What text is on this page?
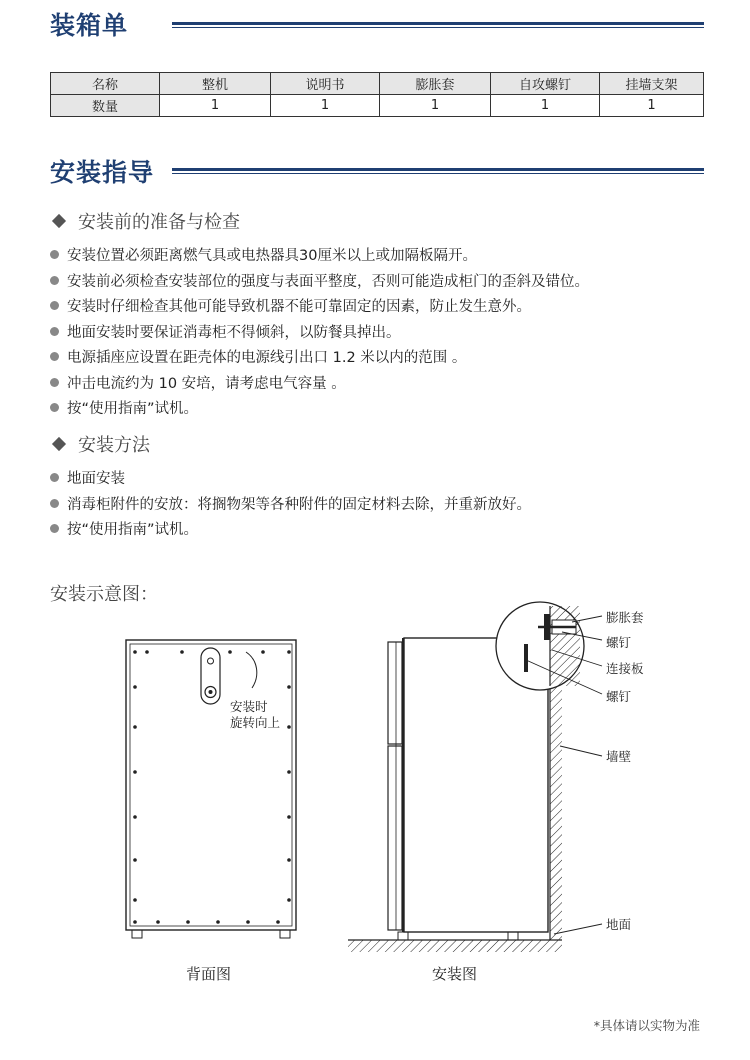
装箱单
名称	整机	说明书	膨胀套	自攻螺钉	挂墙支架
数量	1	1	1	1	1
安装指导
安装前的准备与检查
安装位置必须距离燃气具或电热器具30厘米以上或加隔板隔开。
安装前必须检查安装部位的强度与表面平整度，否则可能造成柜门的歪斜及错位。
安装时仔细检查其他可能导致机器不能可靠固定的因素，防止发生意外。
地面安装时要保证消毒柜不得倾斜，以防餐具掉出。
电源插座应设置在距壳体的电源线引出口 1.2 米以内的范围 。
冲击电流约为 10 安培，请考虑电气容量 。
按“使用指南”试机。
安装方法
地面安装
消毒柜附件的安放：将搁物架等各种附件的固定材料去除，并重新放好。
按“使用指南”试机。
安装示意图：
安装时
旋转向上
背面图
膨胀套
螺钉
连接板
螺钉
墙壁
地面
安装图
*具体请以实物为准
